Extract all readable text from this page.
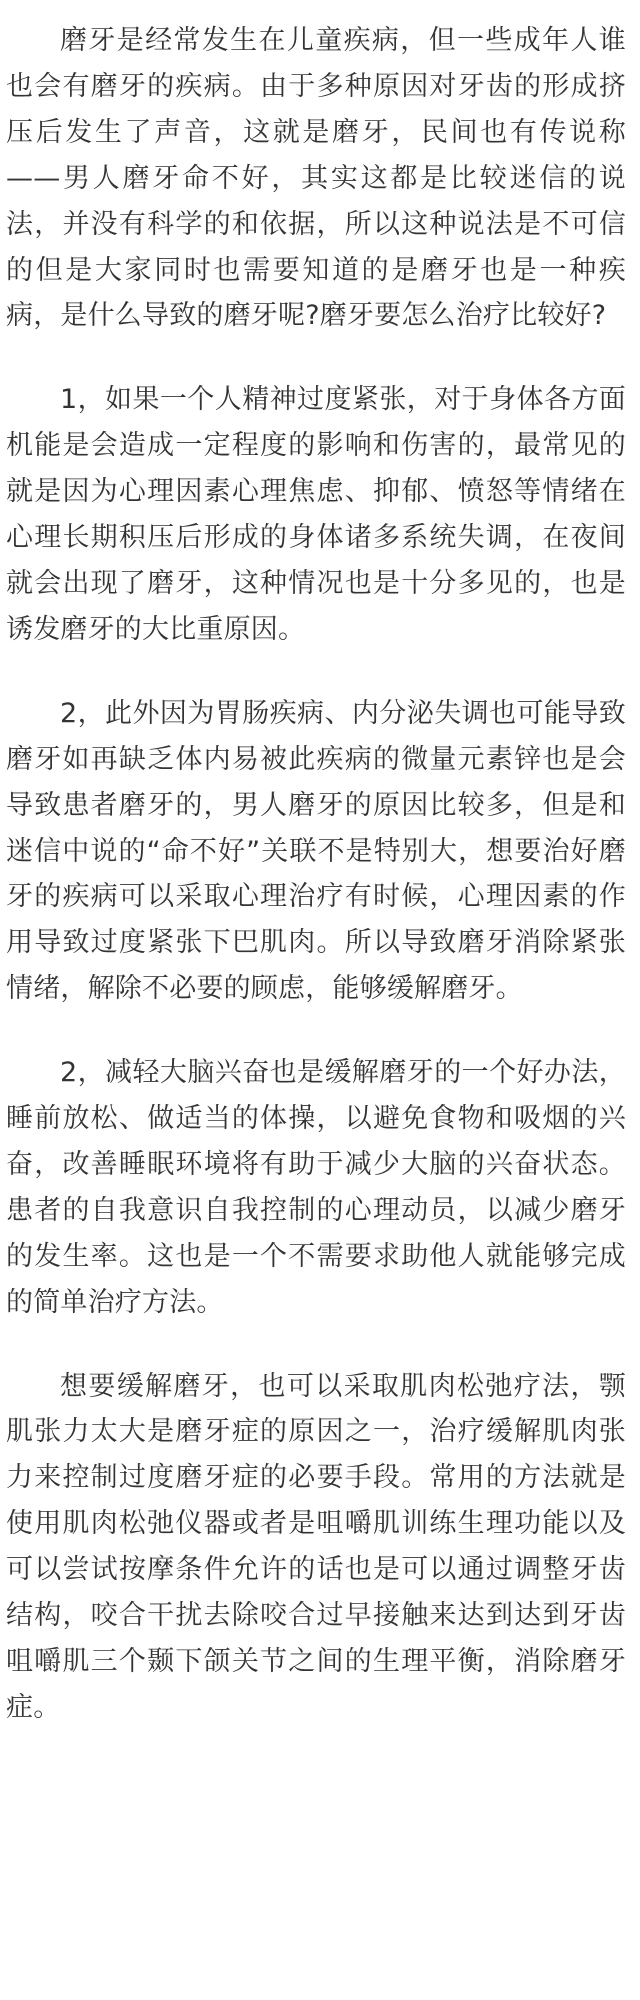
磨牙是经常发生在儿童疾病，但一些成年人谁也会有磨牙的疾病。由于多种原因对牙齿的形成挤压后发生了声音，这就是磨牙，民间也有传说称——男人磨牙命不好，其实这都是比较迷信的说法，并没有科学的和依据，所以这种说法是不可信的但是大家同时也需要知道的是磨牙也是一种疾病，是什么导致的磨牙呢?磨牙要怎么治疗比较好?

1，如果一个人精神过度紧张，对于身体各方面机能是会造成一定程度的影响和伤害的，最常见的就是因为心理因素心理焦虑、抑郁、愤怒等情绪在心理长期积压后形成的身体诸多系统失调，在夜间就会出现了磨牙，这种情况也是十分多见的，也是诱发磨牙的大比重原因。

2，此外因为胃肠疾病、内分泌失调也可能导致磨牙如再缺乏体内易被此疾病的微量元素锌也是会导致患者磨牙的，男人磨牙的原因比较多，但是和迷信中说的“命不好”关联不是特别大，想要治好磨牙的疾病可以采取心理治疗有时候，心理因素的作用导致过度紧张下巴肌肉。所以导致磨牙消除紧张情绪，解除不必要的顾虑，能够缓解磨牙。

2，减轻大脑兴奋也是缓解磨牙的一个好办法，睡前放松、做适当的体操，以避免食物和吸烟的兴奋，改善睡眠环境将有助于减少大脑的兴奋状态。患者的自我意识自我控制的心理动员，以减少磨牙的发生率。这也是一个不需要求助他人就能够完成的简单治疗方法。

想要缓解磨牙，也可以采取肌肉松弛疗法，颚肌张力太大是磨牙症的原因之一，治疗缓解肌肉张力来控制过度磨牙症的必要手段。常用的方法就是使用肌肉松弛仪器或者是咀嚼肌训练生理功能以及可以尝试按摩条件允许的话也是可以通过调整牙齿结构，咬合干扰去除咬合过早接触来达到达到牙齿咀嚼肌三个颞下颌关节之间的生理平衡，消除磨牙症。
